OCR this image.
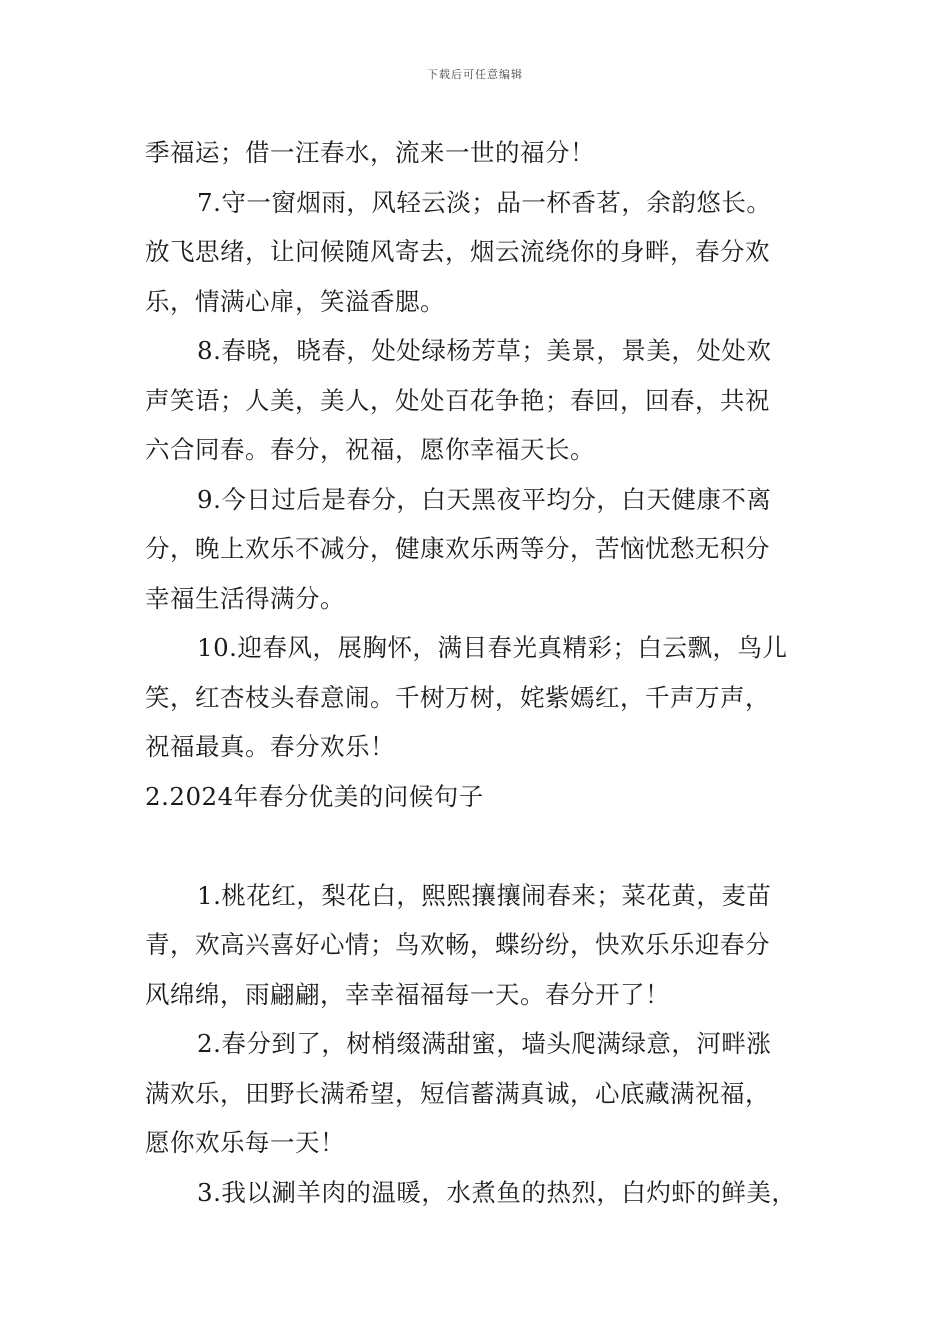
下载后可任意编辑
季福运；借一汪春水，流来一世的福分！
7.守一窗烟雨，风轻云淡；品一杯香茗，余韵悠长。
放飞思绪，让问候随风寄去，烟云流绕你的身畔，春分欢
乐，情满心扉，笑溢香腮。
8.春晓，晓春，处处绿杨芳草；美景，景美，处处欢
声笑语；人美，美人，处处百花争艳；春回，回春，共祝
六合同春。春分，祝福，愿你幸福天长。
9.今日过后是春分，白天黑夜平均分，白天健康不离
分，晚上欢乐不减分，健康欢乐两等分，苦恼忧愁无积分
幸福生活得满分。
10.迎春风，展胸怀，满目春光真精彩；白云飘，鸟儿
笑，红杏枝头春意闹。千树万树，姹紫嫣红，千声万声，
祝福最真。春分欢乐！
2.2024年春分优美的问候句子
1.桃花红，梨花白，熙熙攘攘闹春来；菜花黄，麦苗
青，欢高兴喜好心情；鸟欢畅，蝶纷纷，快欢乐乐迎春分
风绵绵，雨翩翩，幸幸福福每一天。春分开了！
2.春分到了，树梢缀满甜蜜，墙头爬满绿意，河畔涨
满欢乐，田野长满希望，短信蓄满真诚，心底藏满祝福，
愿你欢乐每一天！
3.我以涮羊肉的温暖，水煮鱼的热烈，白灼虾的鲜美，
